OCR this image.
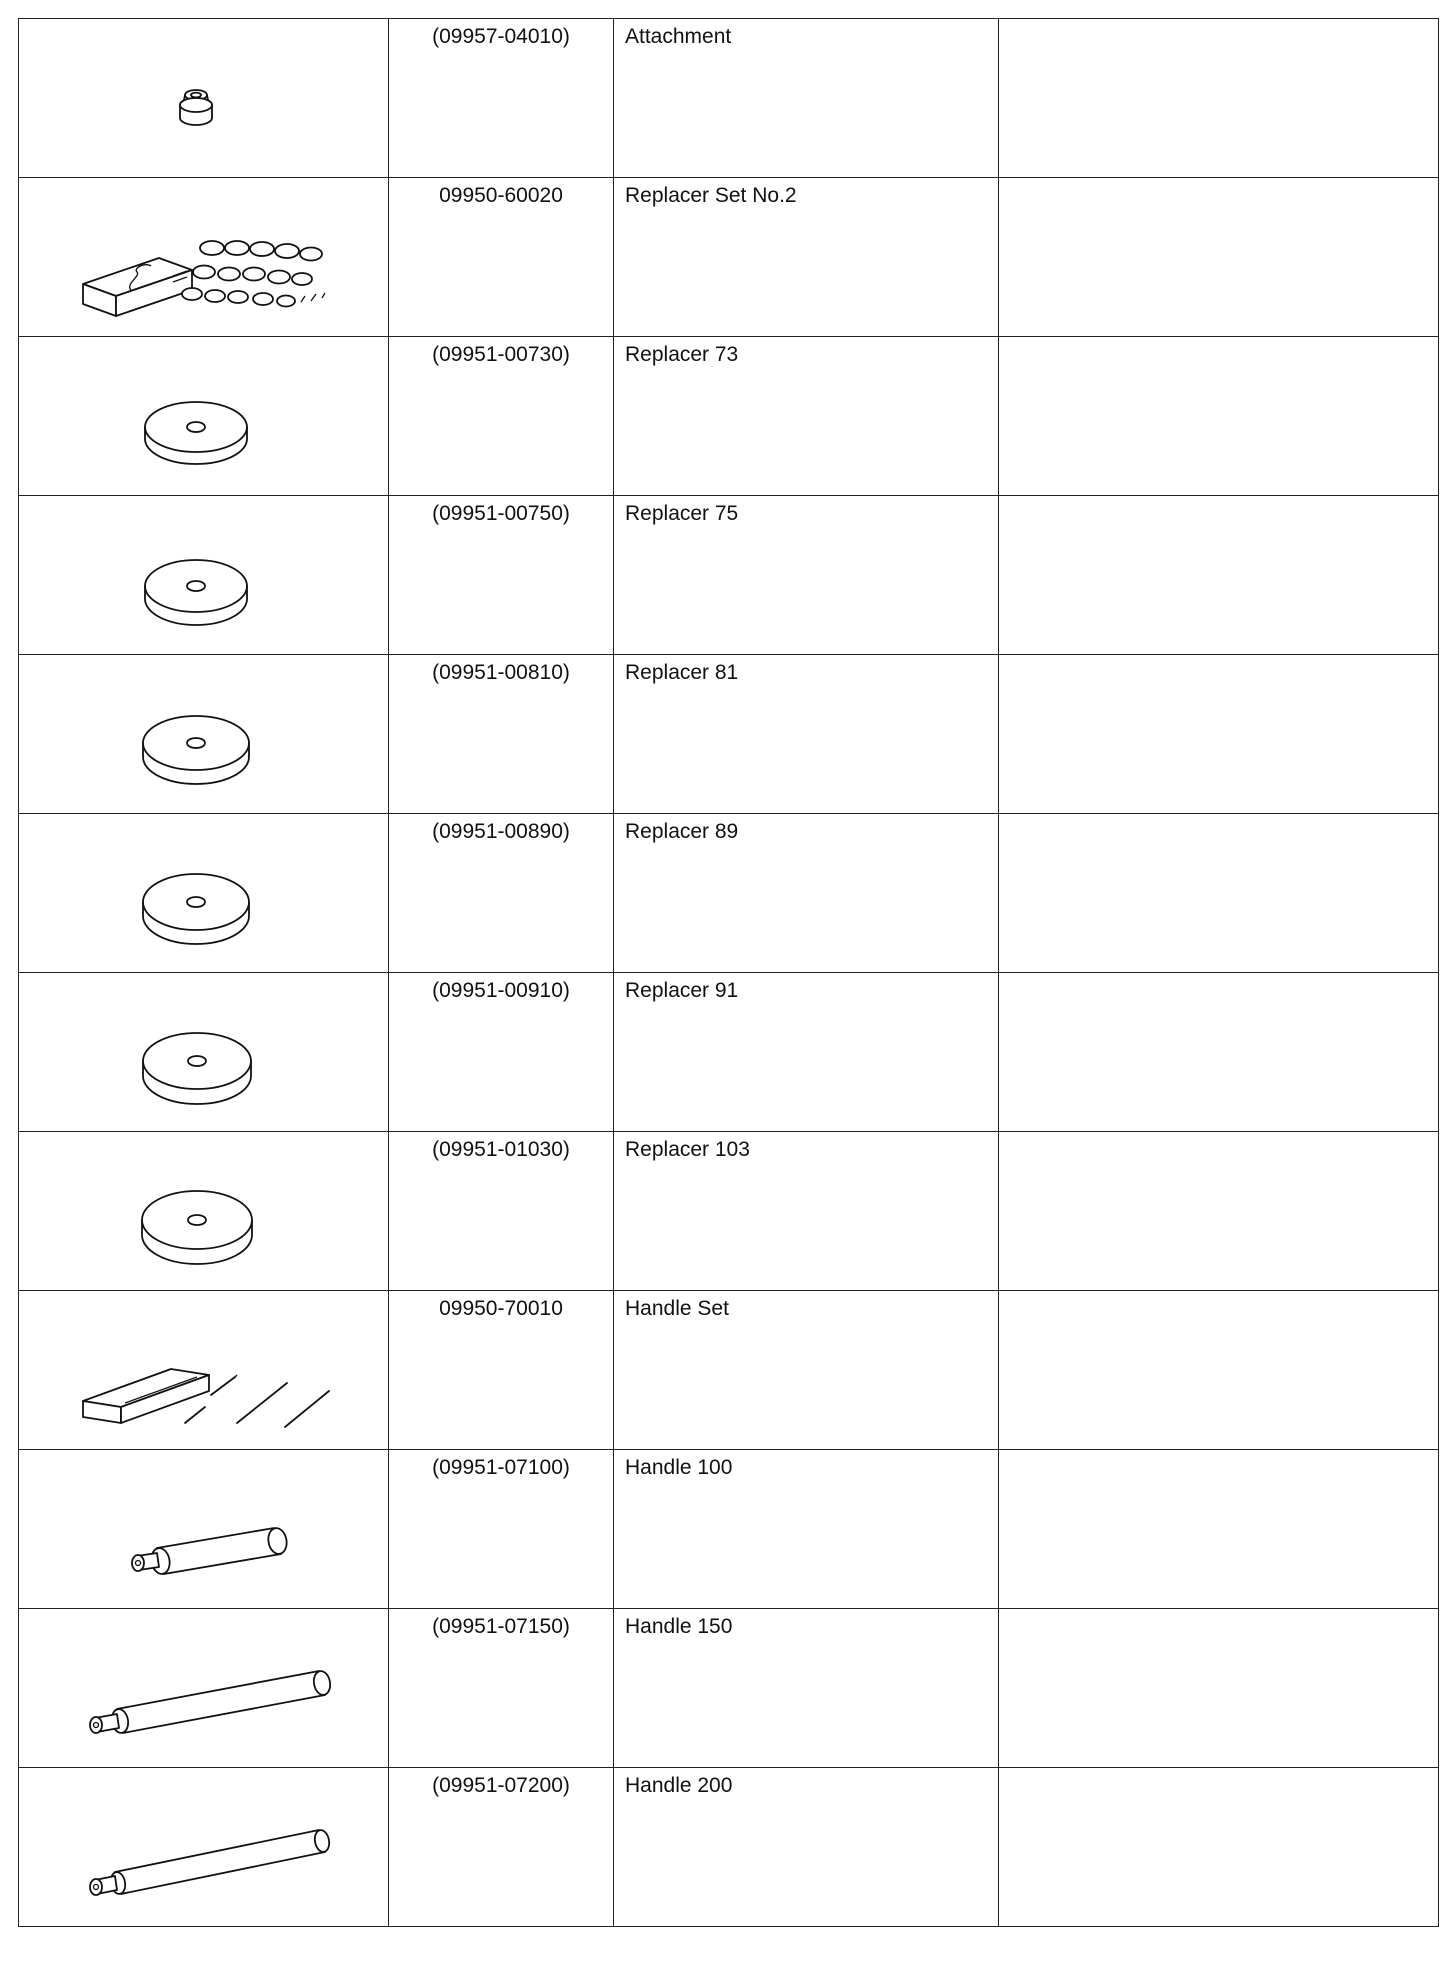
(09957-04010)	Attachment	

09950-60020	Replacer Set No.2	

(09951-00730)	Replacer 73	

(09951-00750)	Replacer 75	

(09951-00810)	Replacer 81	

(09951-00890)	Replacer 89	

(09951-00910)	Replacer 91	

(09951-01030)	Replacer 103	

09950-70010	Handle Set	

(09951-07100)	Handle 100	

(09951-07150)	Handle 150	

(09951-07200)	Handle 200	
